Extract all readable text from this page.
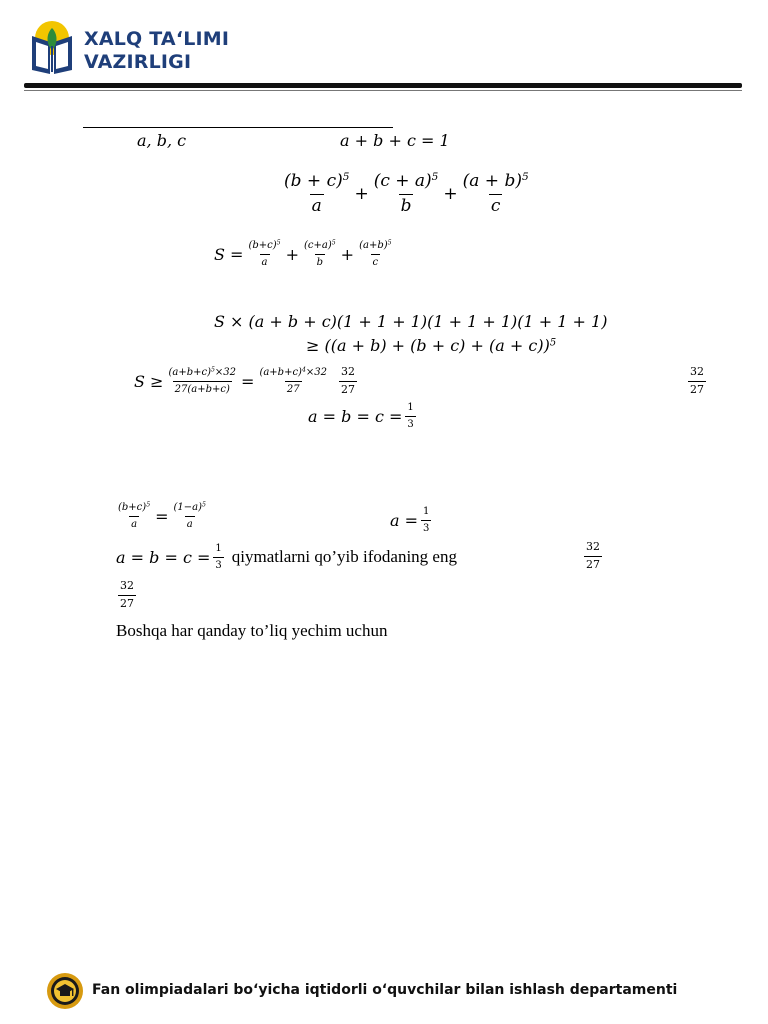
XALQ TAʻLIMI
VAZIRLIGI
a, b, c	a + b + c = 1
$\frac{(b + c)^5}{a} + \frac{(c + a)^5}{b} + \frac{(a + b)^5}{c}$
$S = \frac{(b+c)^5}{a} + \frac{(c+a)^5}{b} + \frac{(a+b)^5}{c}$
S × (a + b + c)(1 + 1 + 1)(1 + 1 + 1)(1 + 1 + 1)
≥ $((a + b) + (b + c) + (a + c))^5$
$S \ge \frac{(a+b+c)^5\times 32}{27(a+b+c)} = \frac{(a+b+c)^4\times 32}{27} \frac{32}{27}$	$\frac{32}{27}$
$a = b = c = \frac{1}{3}$
$\frac{(b+c)^5}{a} = \frac{(1-a)^5}{a}$	$a = \frac{1}{3}$
$a = b = c = \frac{1}{3}$ qiymatlarni qo’yib ifodaning eng	$\frac{32}{27}$
$\frac{32}{27}$
Boshqa har qanday to’liq yechim uchun
Fan olimpiadalari bo‘yicha iqtidorli o‘quvchilar bilan ishlash departamenti
